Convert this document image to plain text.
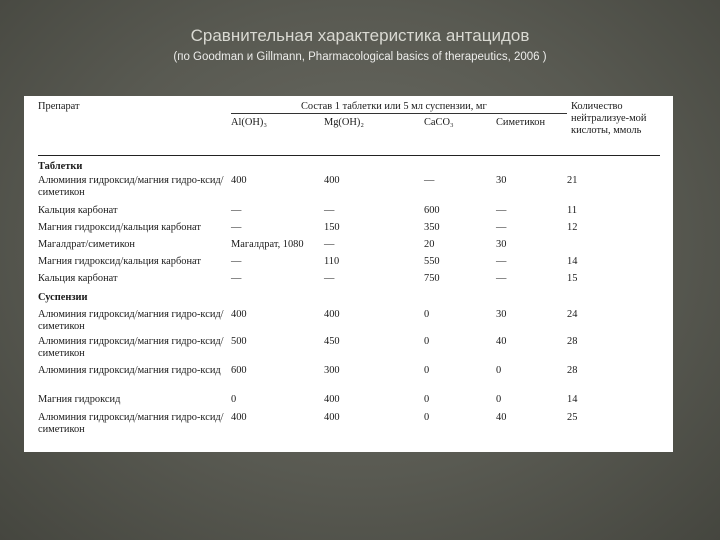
Сравнительная характеристика антацидов
(по Goodman и Gillmann, Pharmacological basics of therapeutics, 2006 )
Препарат	Состав 1 таблетки или 5 мл суспензии, мг				Количество нейтрализуе-мой кислоты, ммоль
	Al(OH)₃	Mg(OH)₂	CaCO₃	Симетикон	
Таблетки					
Алюминия гидроксид/магния гидро-ксид/симетикон	400	400	—	30	21
Кальция карбонат	—	—	600	—	11
Магния гидроксид/кальция карбонат	—	150	350	—	12
Магалдрат/симетикон	Магалдрат, 1080	—	20	30	
Магния гидроксид/кальция карбонат	—	110	550	—	14
Кальция карбонат	—	—	750	—	15
Суспензии					
Алюминия гидроксид/магния гидро-ксид/симетикон	400	400	0	30	24
Алюминия гидроксид/магния гидро-ксид/симетикон	500	450	0	40	28
Алюминия гидроксид/магния гидро-ксид	600	300	0	0	28
Магния гидроксид	0	400	0	0	14
Алюминия гидроксид/магния гидро-ксид/симетикон	400	400	0	40	25
